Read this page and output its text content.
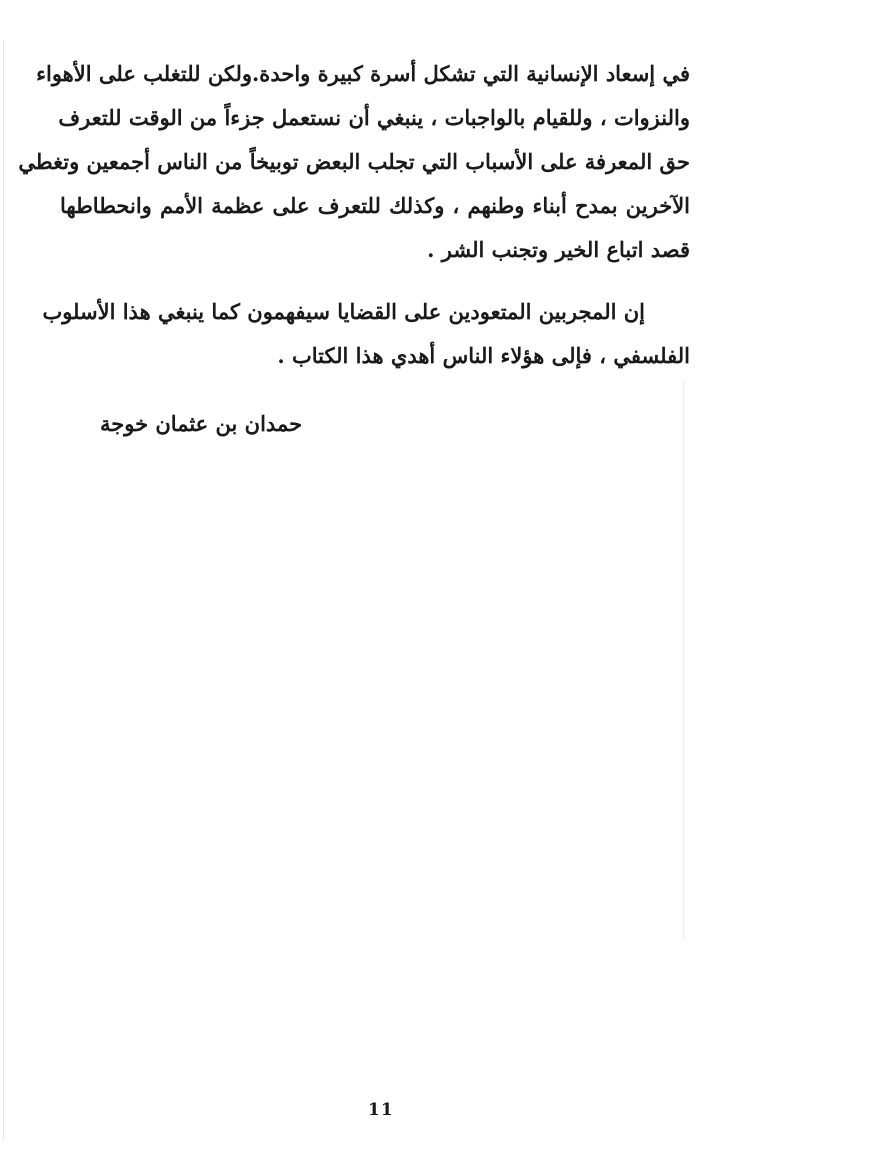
في إسعاد الإنسانية التي تشكل أسرة كبيرة واحدة.ولكن للتغلب على الأهواء
والنزوات ، وللقيام بالواجبات ، ينبغي أن نستعمل جزءاً من الوقت للتعرف
حق المعرفة على الأسباب التي تجلب البعض توبيخاً من الناس أجمعين وتغطي
الآخرين بمدح أبناء وطنهم ، وكذلك للتعرف على عظمة الأمم وانحطاطها
قصد اتباع الخير وتجنب الشر .
إن المجربين المتعودين على القضايا سيفهمون كما ينبغي هذا الأسلوب
الفلسفي ، فإلى هؤلاء الناس أهدي هذا الكتاب .
حمدان بن عثمان خوجة
11
